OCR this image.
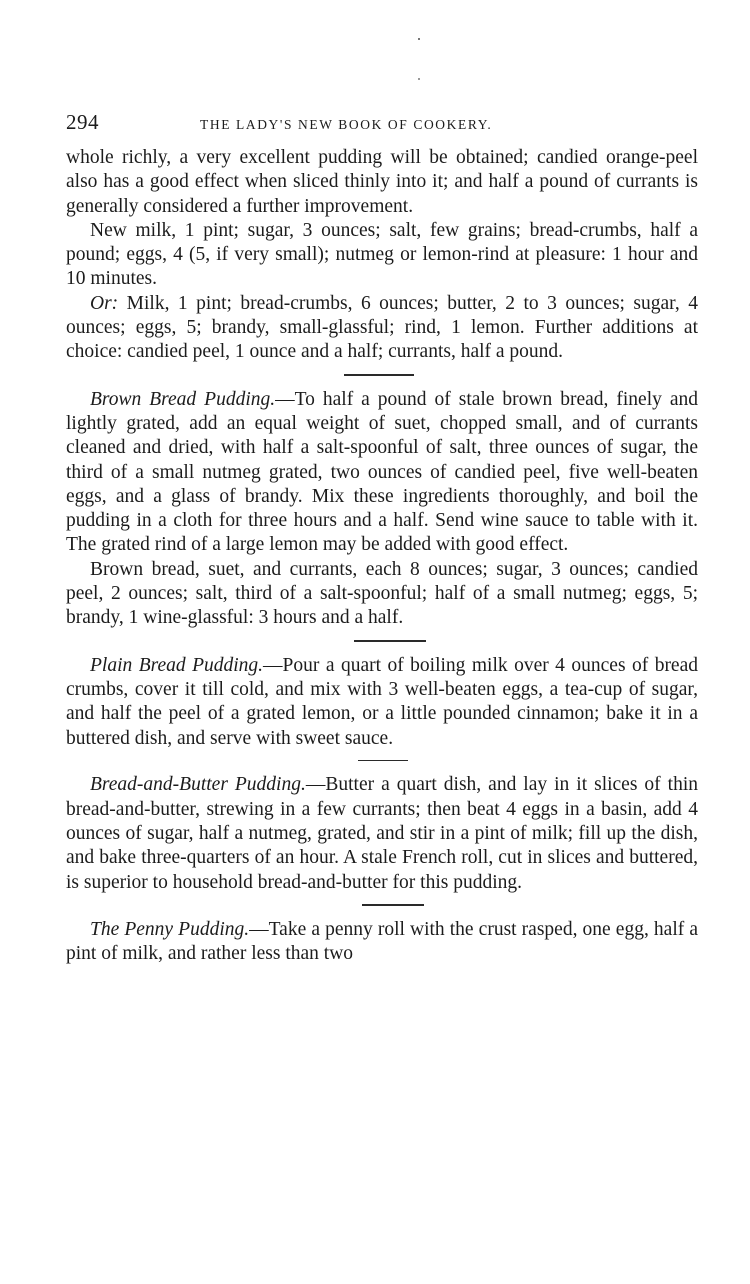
294	THE LADY'S NEW BOOK OF COOKERY.

whole richly, a very excellent pudding will be obtained; candied orange-peel also has a good effect when sliced thinly into it; and half a pound of currants is generally considered a further improvement.

New milk, 1 pint; sugar, 3 ounces; salt, few grains; bread-crumbs, half a pound; eggs, 4 (5, if very small); nutmeg or lemon-rind at pleasure: 1 hour and 10 minutes.

Or: Milk, 1 pint; bread-crumbs, 6 ounces; butter, 2 to 3 ounces; sugar, 4 ounces; eggs, 5; brandy, small-glassful; rind, 1 lemon. Further additions at choice: candied peel, 1 ounce and a half; currants, half a pound.

Brown Bread Pudding.—To half a pound of stale brown bread, finely and lightly grated, add an equal weight of suet, chopped small, and of currants cleaned and dried, with half a salt-spoonful of salt, three ounces of sugar, the third of a small nutmeg grated, two ounces of candied peel, five well-beaten eggs, and a glass of brandy. Mix these ingredients thoroughly, and boil the pudding in a cloth for three hours and a half. Send wine sauce to table with it. The grated rind of a large lemon may be added with good effect.

Brown bread, suet, and currants, each 8 ounces; sugar, 3 ounces; candied peel, 2 ounces; salt, third of a salt-spoonful; half of a small nutmeg; eggs, 5; brandy, 1 wine-glassful: 3 hours and a half.

Plain Bread Pudding.—Pour a quart of boiling milk over 4 ounces of bread crumbs, cover it till cold, and mix with 3 well-beaten eggs, a tea-cup of sugar, and half the peel of a grated lemon, or a little pounded cinnamon; bake it in a buttered dish, and serve with sweet sauce.

Bread-and-Butter Pudding.—Butter a quart dish, and lay in it slices of thin bread-and-butter, strewing in a few currants; then beat 4 eggs in a basin, add 4 ounces of sugar, half a nutmeg, grated, and stir in a pint of milk; fill up the dish, and bake three-quarters of an hour. A stale French roll, cut in slices and buttered, is superior to household bread-and-butter for this pudding.

The Penny Pudding.—Take a penny roll with the crust rasped, one egg, half a pint of milk, and rather less than two
